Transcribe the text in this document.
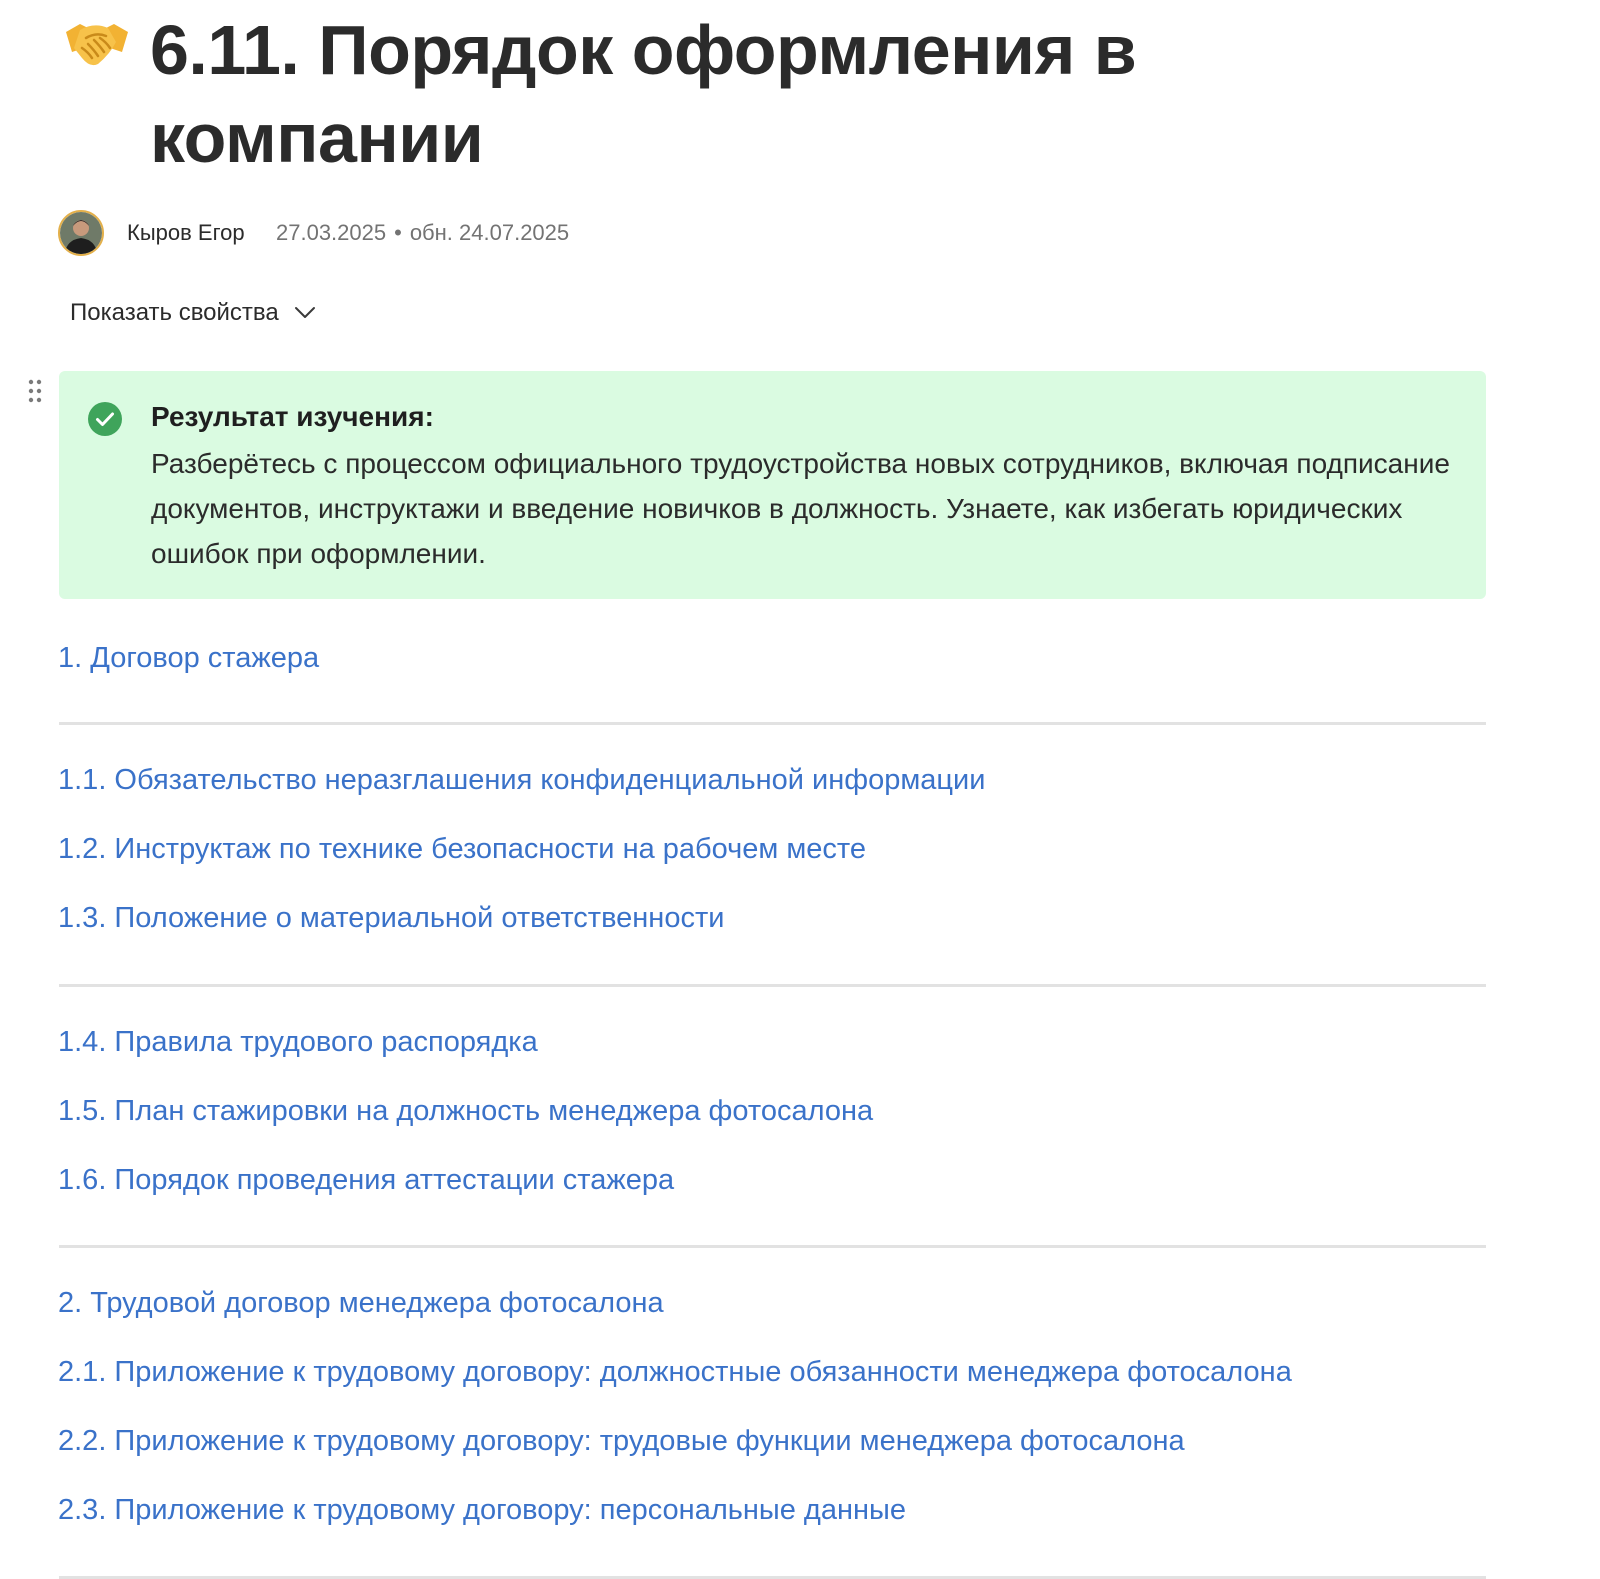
6.11. Порядок оформления в компании
Кыров Егор 27.03.2025 • обн. 24.07.2025
Показать свойства
Результат изучения:

Разберётесь с процессом официального трудоустройства новых сотрудников, включая подписание документов, инструктажи и введение новичков в должность. Узнаете, как избегать юридических ошибок при оформлении.

1. Договор стажера
1.1. Обязательство неразглашения конфиденциальной информации
1.2. Инструктаж по технике безопасности на рабочем месте
1.3. Положение о материальной ответственности
1.4. Правила трудового распорядка
1.5. План стажировки на должность менеджера фотосалона
1.6. Порядок проведения аттестации стажера
2. Трудовой договор менеджера фотосалона
2.1. Приложение к трудовому договору: должностные обязанности менеджера фотосалона
2.2. Приложение к трудовому договору: трудовые функции менеджера фотосалона
2.3. Приложение к трудовому договору: персональные данные
